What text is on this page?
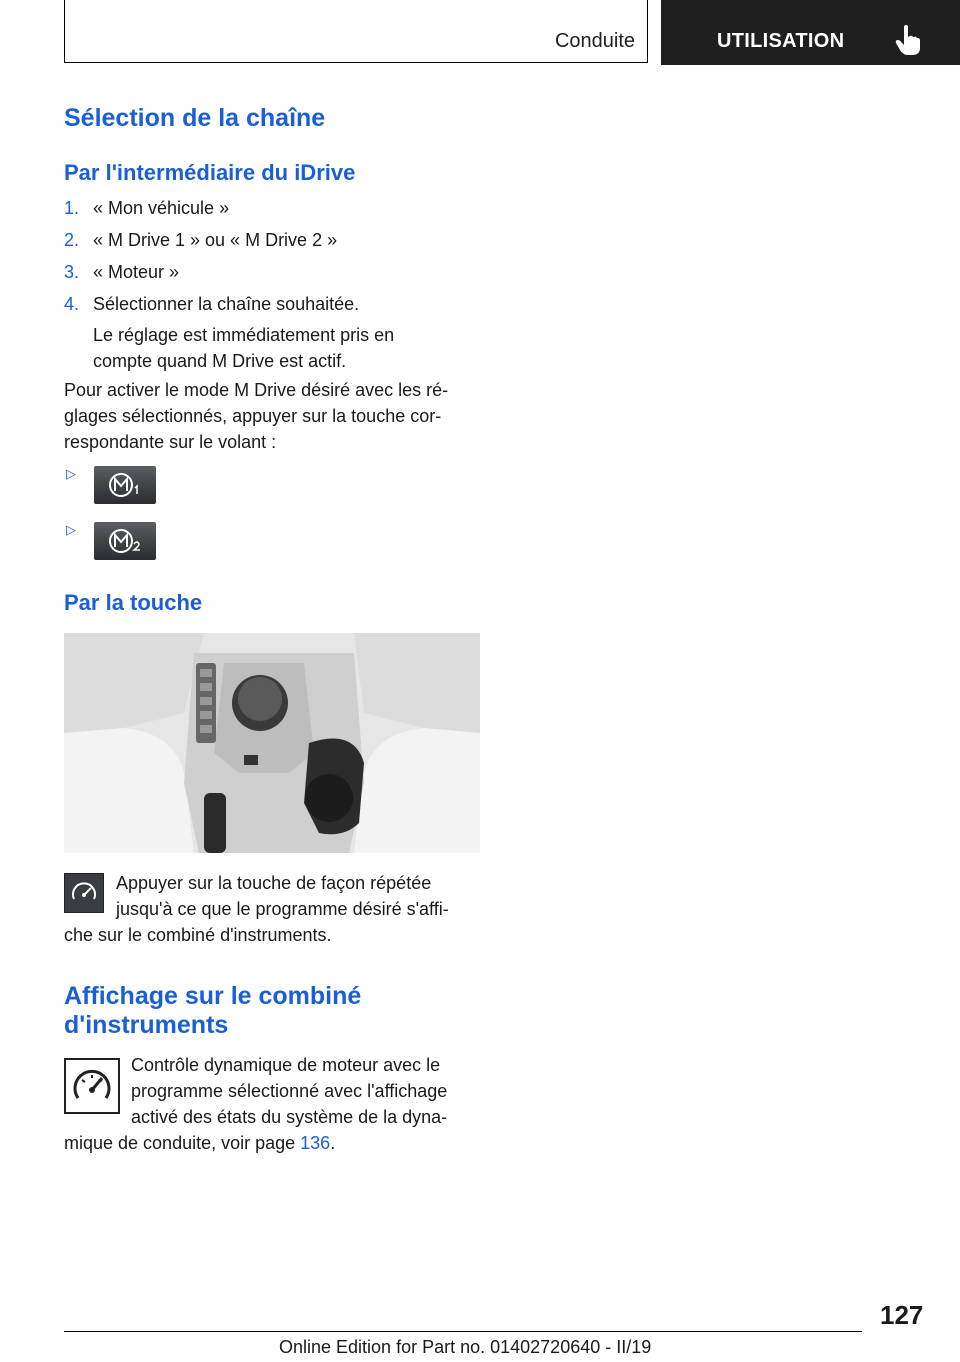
Conduite	UTILISATION
Sélection de la chaîne
Par l'intermédiaire du iDrive
1. « Mon véhicule »
2. « M Drive 1 » ou « M Drive 2 »
3. « Moteur »
4. Sélectionner la chaîne souhaitée.
Le réglage est immédiatement pris en
compte quand M Drive est actif.
Pour activer le mode M Drive désiré avec les ré-
glages sélectionnés, appuyer sur la touche cor-
respondante sur le volant :
▷
▷
Par la touche
Appuyer sur la touche de façon répétée
jusqu'à ce que le programme désiré s'affi-
che sur le combiné d'instruments.
Affichage sur le combiné
d'instruments
Contrôle dynamique de moteur avec le
programme sélectionné avec l'affichage
activé des états du système de la dyna-
mique de conduite, voir page 136.
127
Online Edition for Part no. 01402720640 - II/19
